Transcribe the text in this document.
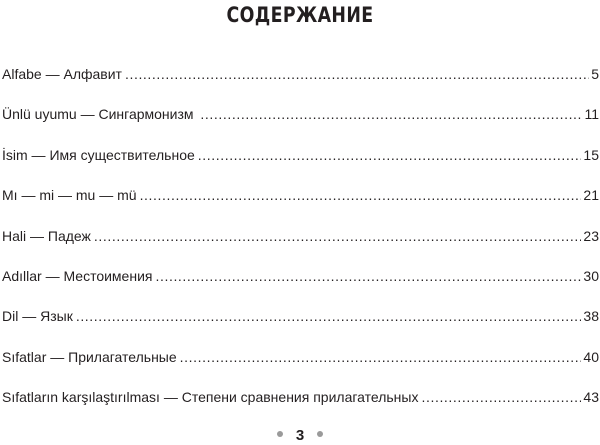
СОДЕРЖАНИЕ
Alfabe — Алфавит .....	5
Ünlü uyumu — Сингармонизм .....	11
İsim — Имя существительное .....	15
Mı — mi — mu — mü .....	21
Hali — Падеж .....	23
Adıllar — Местоимения .....	30
Dil — Язык .....	38
Sıfatlar — Прилагательные .....	40
Sıfatların karşılaştırılması — Степени сравнения прилагательных .....	43
3
